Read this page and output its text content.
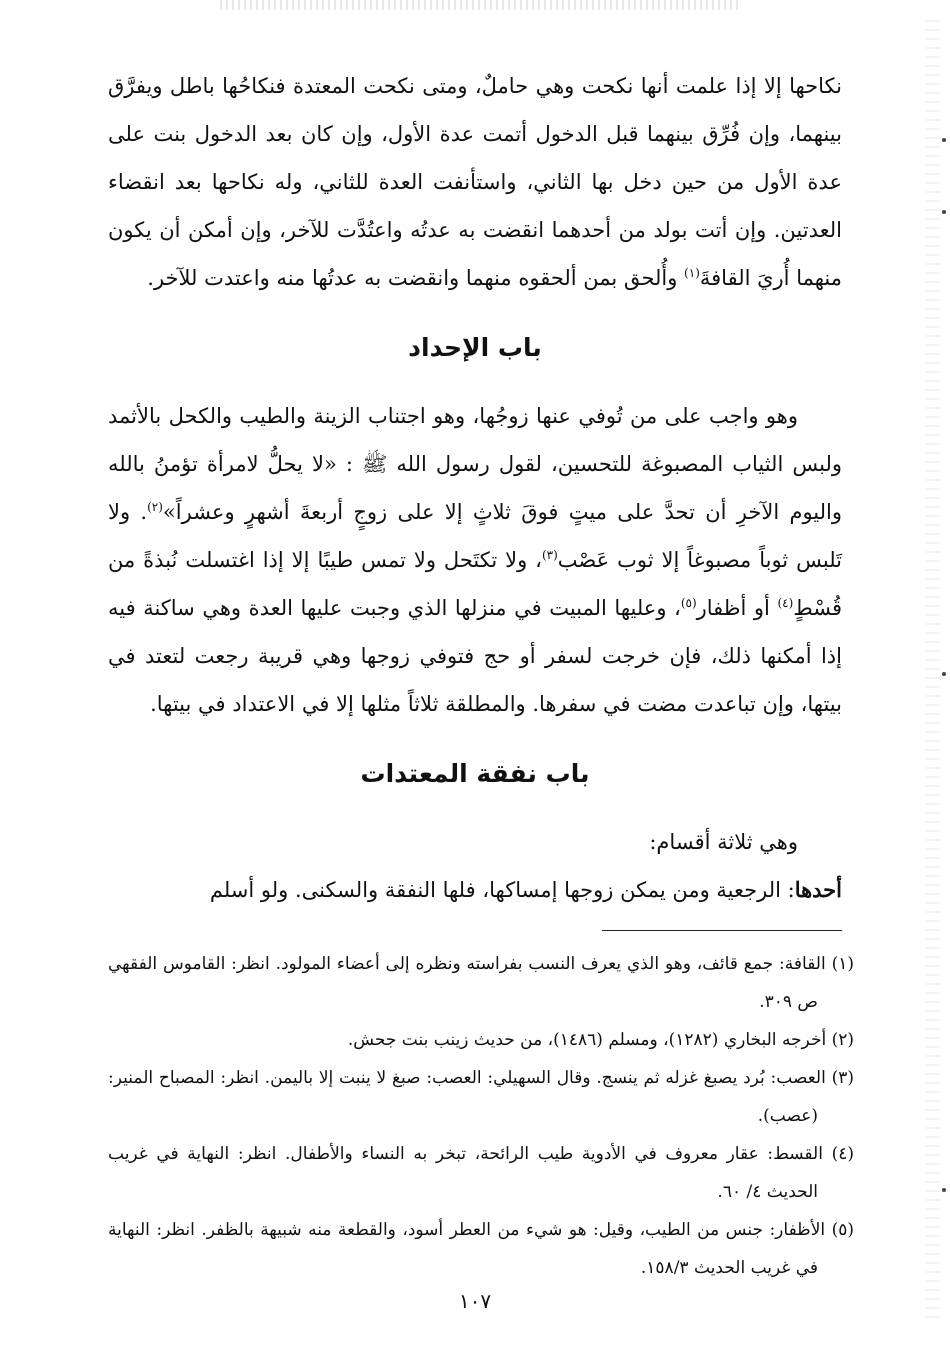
نكاحها إلا إذا علمت أنها نكحت وهي حاملٌ، ومتى نكحت المعتدة فنكاحُها باطل ويفرَّق بينهما، وإن فُرِّق بينهما قبل الدخول أتمت عدة الأول، وإن كان بعد الدخول بنت على عدة الأول من حين دخل بها الثاني، واستأنفت العدة للثاني، وله نكاحها بعد انقضاء العدتين. وإن أتت بولد من أحدهما انقضت به عدتُه واعتُدَّت للآخر، وإن أمكن أن يكون منهما أُريَ القافةَ$^{(١)}$ وأُلحق بمن ألحقوه منهما وانقضت به عدتُها منه واعتدت للآخر.

باب الإحداد

وهو واجب على من تُوفي عنها زوجُها، وهو اجتناب الزينة والطيب والكحل بالأثمد ولبس الثياب المصبوغة للتحسين، لقول رسول الله ﷺ : «لا يحلُّ لامرأة تؤمنُ بالله واليوم الآخرِ أن تحدَّ على ميتٍ فوقَ ثلاثٍ إلا على زوجٍ أربعةَ أشهرٍ وعشراً»$^{(٢)}$. ولا تَلبس ثوباً مصبوغاً إلا ثوب عَصْب$^{(٣)}$، ولا تكتَحل ولا تمس طيبًا إلا إذا اغتسلت نُبذةً من قُسْطٍ$^{(٤)}$ أو أظفار$^{(٥)}$، وعليها المبيت في منزلها الذي وجبت عليها العدة وهي ساكنة فيه إذا أمكنها ذلك، فإن خرجت لسفر أو حج فتوفي زوجها وهي قريبة رجعت لتعتد في بيتها، وإن تباعدت مضت في سفرها. والمطلقة ثلاثاً مثلها إلا في الاعتداد في بيتها.

باب نفقة المعتدات

وهي ثلاثة أقسام:

أحدها: الرجعية ومن يمكن زوجها إمساكها، فلها النفقة والسكنى. ولو أسلم

(١) القافة: جمع قائف، وهو الذي يعرف النسب بفراسته ونظره إلى أعضاء المولود. انظر: القاموس الفقهي ص ٣٠٩.

(٢) أخرجه البخاري (١٢٨٢)، ومسلم (١٤٨٦)، من حديث زينب بنت جحش.

(٣) العصب: بُرد يصبغ غزله ثم ينسج. وقال السهيلي: العصب: صبغ لا ينبت إلا باليمن. انظر: المصباح المنير: (عصب).

(٤) القسط: عقار معروف في الأدوية طيب الرائحة، تبخر به النساء والأطفال. انظر: النهاية في غريب الحديث ٤/ ٦٠.

(٥) الأظفار: جنس من الطيب، وقيل: هو شيء من العطر أسود، والقطعة منه شبيهة بالظفر. انظر: النهاية في غريب الحديث ١٥٨/٣.

١٠٧
